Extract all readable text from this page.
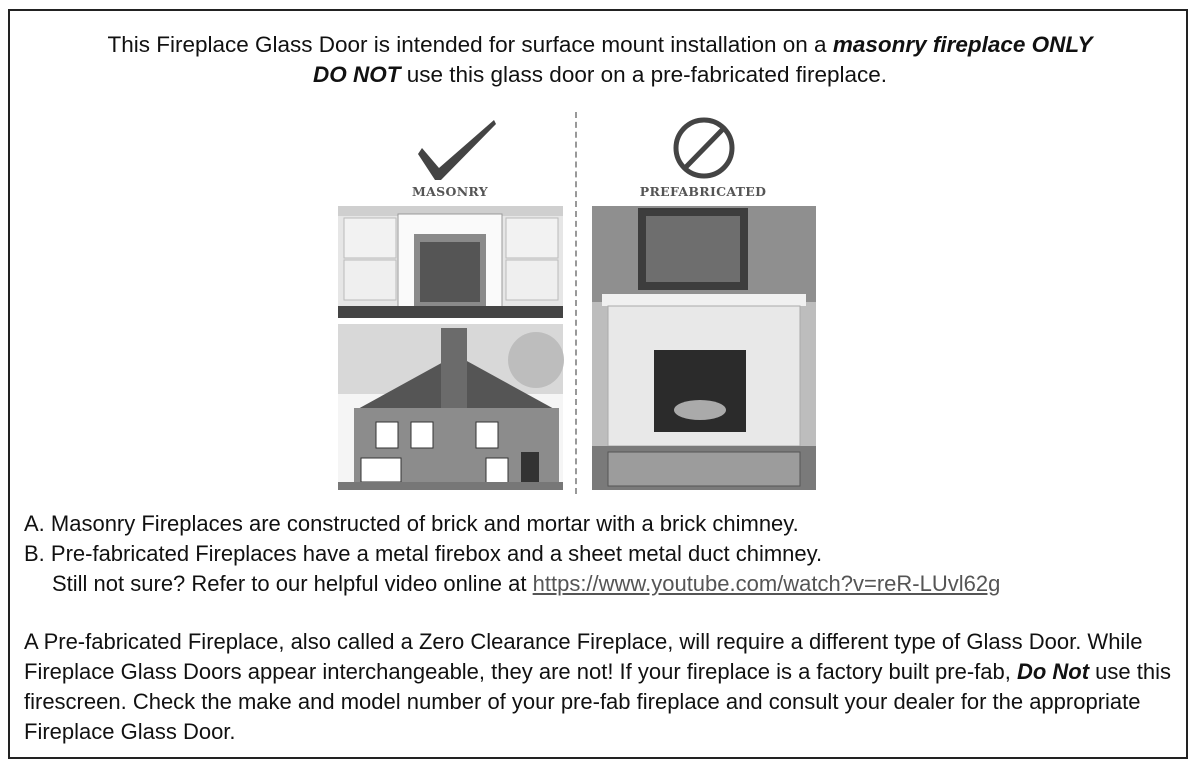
This Fireplace Glass Door is intended for surface mount installation on a masonry fireplace ONLY
DO NOT use this glass door on a pre-fabricated fireplace.
MASONRY	PREFABRICATED
A. Masonry Fireplaces are constructed of brick and mortar with a brick chimney.
B. Pre-fabricated Fireplaces have a metal firebox and a sheet metal duct chimney.
Still not sure? Refer to our helpful video online at https://www.youtube.com/watch?v=reR-LUvl62g
A Pre-fabricated Fireplace, also called a Zero Clearance Fireplace, will require a different type of Glass Door. While Fireplace Glass Doors appear interchangeable, they are not! If your fireplace is a factory built pre-fab, Do Not use this firescreen. Check the make and model number of your pre-fab fireplace and consult your dealer for the appropriate Fireplace Glass Door.
